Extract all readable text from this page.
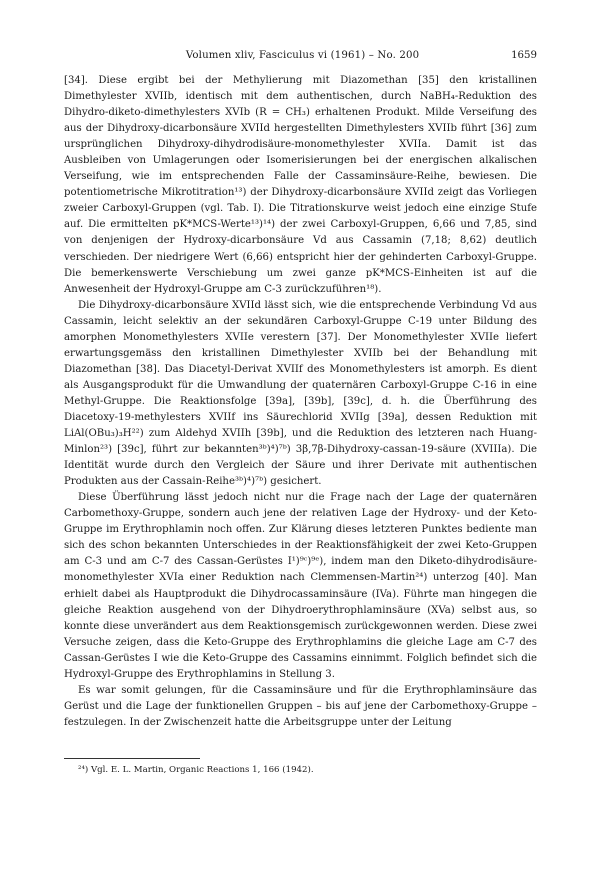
Volumen xliv, Fasciculus vi (1961) – No. 200	1659

[34]. Diese ergibt bei der Methylierung mit Diazomethan [35] den kristallinen Dimethylester XVIIb, identisch mit dem authentischen, durch NaBH₄-Reduktion des Dihydro-diketo-dimethylesters XVIb (R = CH₃) erhaltenen Produkt. Milde Verseifung des aus der Dihydroxy-dicarbonsäure XVIId hergestellten Dimethylesters XVIIb führt [36] zum ursprünglichen Dihydroxy-dihydrodisäure-monomethylester XVIIa. Damit ist das Ausbleiben von Umlagerungen oder Isomerisierungen bei der energischen alkalischen Verseifung, wie im entsprechenden Falle der Cassaminsäure-Reihe, bewiesen. Die potentiometrische Mikrotitration¹³) der Dihydroxy-dicarbonsäure XVIId zeigt das Vorliegen zweier Carboxyl-Gruppen (vgl. Tab. I). Die Titrationskurve weist jedoch eine einzige Stufe auf. Die ermittelten pK*MCS-Werte¹³)¹⁴) der zwei Carboxyl-Gruppen, 6,66 und 7,85, sind von denjenigen der Hydroxy-dicarbonsäure Vd aus Cassamin (7,18; 8,62) deutlich verschieden. Der niedrigere Wert (6,66) entspricht hier der gehinderten Carboxyl-Gruppe. Die bemerkenswerte Verschiebung um zwei ganze pK*MCS-Einheiten ist auf die Anwesenheit der Hydroxyl-Gruppe am C-3 zurückzuführen¹⁸).

Die Dihydroxy-dicarbonsäure XVIId lässt sich, wie die entsprechende Verbindung Vd aus Cassamin, leicht selektiv an der sekundären Carboxyl-Gruppe C-19 unter Bildung des amorphen Monomethylesters XVIIe verestern [37]. Der Monomethylester XVIIe liefert erwartungsgemäss den kristallinen Dimethylester XVIIb bei der Behandlung mit Diazomethan [38]. Das Diacetyl-Derivat XVIIf des Monomethylesters ist amorph. Es dient als Ausgangsprodukt für die Umwandlung der quaternären Carboxyl-Gruppe C-16 in eine Methyl-Gruppe. Die Reaktionsfolge [39a], [39b], [39c], d. h. die Überführung des Diacetoxy-19-methylesters XVIIf ins Säurechlorid XVIIg [39a], dessen Reduktion mit LiAl(OBu₃)₃H²²) zum Aldehyd XVIIh [39b], und die Reduktion des letzteren nach Huang-Minlon²³) [39c], führt zur bekannten³ᵇ)⁴)⁷ᵇ) 3β,7β-Dihydroxy-cassan-19-säure (XVIIIa). Die Identität wurde durch den Vergleich der Säure und ihrer Derivate mit authentischen Produkten aus der Cassain-Reihe³ᵇ)⁴)⁷ᵇ) gesichert.

Diese Überführung lässt jedoch nicht nur die Frage nach der Lage der quaternären Carbomethoxy-Gruppe, sondern auch jene der relativen Lage der Hydroxy- und der Keto-Gruppe im Erythrophlamin noch offen. Zur Klärung dieses letzteren Punktes bediente man sich des schon bekannten Unterschiedes in der Reaktionsfähigkeit der zwei Keto-Gruppen am C-3 und am C-7 des Cassan-Gerüstes I¹)⁹ᶜ)⁹ᵉ), indem man den Diketo-dihydrodisäure-monomethylester XVIa einer Reduktion nach Clemmensen-Martin²⁴) unterzog [40]. Man erhielt dabei als Hauptprodukt die Dihydrocassaminsäure (IVa). Führte man hingegen die gleiche Reaktion ausgehend von der Dihydroerythrophlaminsäure (XVa) selbst aus, so konnte diese unverändert aus dem Reaktionsgemisch zurückgewonnen werden. Diese zwei Versuche zeigen, dass die Keto-Gruppe des Erythrophlamins die gleiche Lage am C-7 des Cassan-Gerüstes I wie die Keto-Gruppe des Cassamins einnimmt. Folglich befindet sich die Hydroxyl-Gruppe des Erythrophlamins in Stellung 3.

Es war somit gelungen, für die Cassaminsäure und für die Erythrophlaminsäure das Gerüst und die Lage der funktionellen Gruppen – bis auf jene der Carbomethoxy-Gruppe – festzulegen. In der Zwischenzeit hatte die Arbeitsgruppe unter der Leitung

²⁴) Vgl. E. L. Martin, Organic Reactions 1, 166 (1942).
